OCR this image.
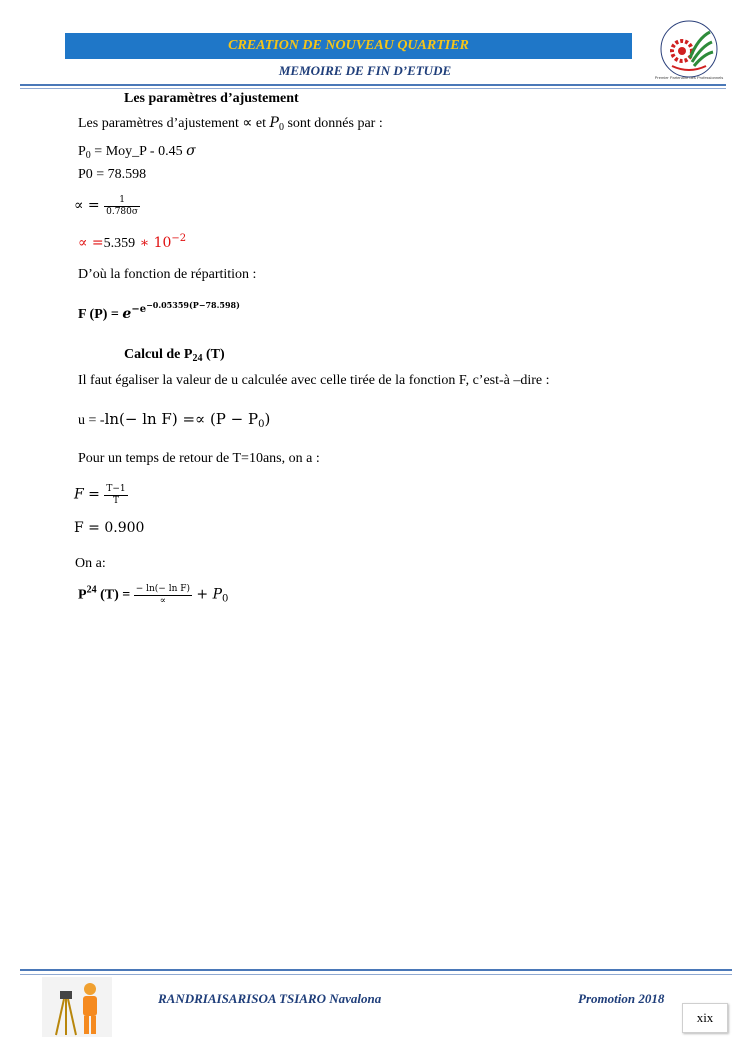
CREATION DE NOUVEAU QUARTIER
MEMOIRE DE FIN D’ETUDE	Premier Partenaire des Professionnels
Les paramètres d’ajustement
Les paramètres d’ajustement ∝ et $P_0$ sont donnés par :
$P_0$ = Moy_P - 0.45 σ
P0 = 78.598
∝ = $\frac{1}{0.780\sigma}$
∝ =5.359 ∗ $10^{-2}$
D’où la fonction de répartition :
F $(P) = e^{-e-0.05359(P-78.598)}$
Calcul de $P_{24}$ (T)
Il faut égaliser la valeur de u calculée avec celle tirée de la fonction F, c’est-à –dire :
$u = -\ln(- \ln F) =\propto (P - P_0)$
Pour un temps de retour de T=10ans, on a :
$F = \frac{T-1}{T}$
F = 0.900
On a:
$P^{24}$ $(T) = \frac{\text{− ln(− ln F)}}{\propto} + P_0$
RANDRIAISARISOA TSIARO Navalona	Promotion 2018
xix
